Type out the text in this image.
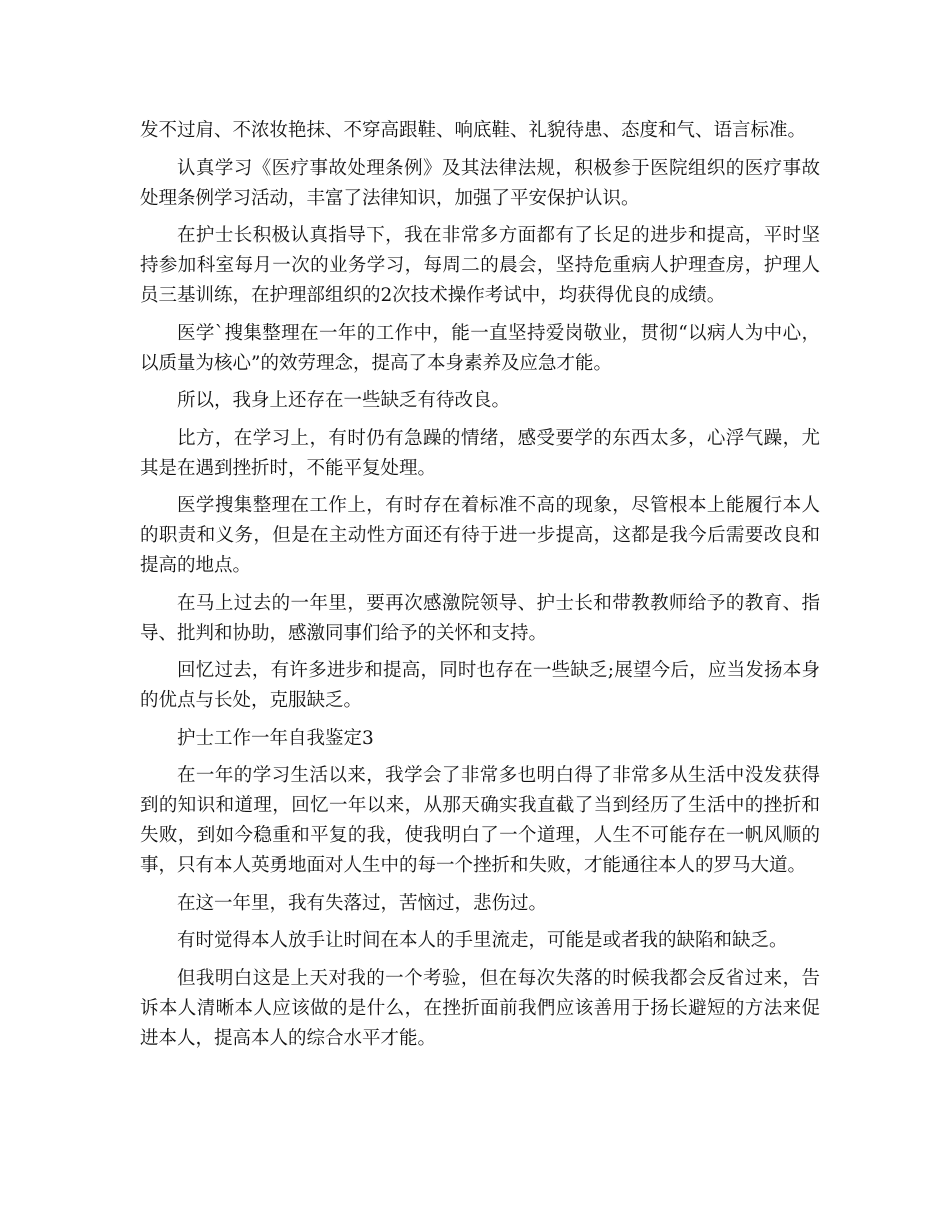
发不过肩、不浓妆艳抹、不穿高跟鞋、响底鞋、礼貌待患、态度和气、语言标准。

认真学习《医疗事故处理条例》及其法律法规，积极参于医院组织的医疗事故处理条例学习活动，丰富了法律知识，加强了平安保护认识。

在护士长积极认真指导下，我在非常多方面都有了长足的进步和提高，平时坚持参加科室每月一次的业务学习，每周二的晨会，坚持危重病人护理查房，护理人员三基训练，在护理部组织的2次技术操作考试中，均获得优良的成绩。

医学`搜集整理在一年的工作中，能一直坚持爱岗敬业，贯彻“以病人为中心，以质量为核心”的效劳理念，提高了本身素养及应急才能。

所以，我身上还存在一些缺乏有待改良。

比方，在学习上，有时仍有急躁的情绪，感受要学的东西太多，心浮气躁，尤其是在遇到挫折时，不能平复处理。

医学搜集整理在工作上，有时存在着标准不高的现象，尽管根本上能履行本人的职责和义务，但是在主动性方面还有待于进一步提高，这都是我今后需要改良和提高的地点。

在马上过去的一年里，要再次感激院领导、护士长和带教教师给予的教育、指导、批判和协助，感激同事们给予的关怀和支持。

回忆过去，有许多进步和提高，同时也存在一些缺乏;展望今后，应当发扬本身的优点与长处，克服缺乏。

护士工作一年自我鉴定3

在一年的学习生活以来，我学会了非常多也明白得了非常多从生活中没发获得到的知识和道理，回忆一年以来，从那天确实我直截了当到经历了生活中的挫折和失败，到如今稳重和平复的我，使我明白了一个道理，人生不可能存在一帆风顺的事，只有本人英勇地面对人生中的每一个挫折和失败，才能通往本人的罗马大道。

在这一年里，我有失落过，苦恼过，悲伤过。

有时觉得本人放手让时间在本人的手里流走，可能是或者我的缺陷和缺乏。

但我明白这是上天对我的一个考验，但在每次失落的时候我都会反省过来，告诉本人清晰本人应该做的是什么，在挫折面前我們应该善用于扬长避短的方法来促进本人，提高本人的综合水平才能。
